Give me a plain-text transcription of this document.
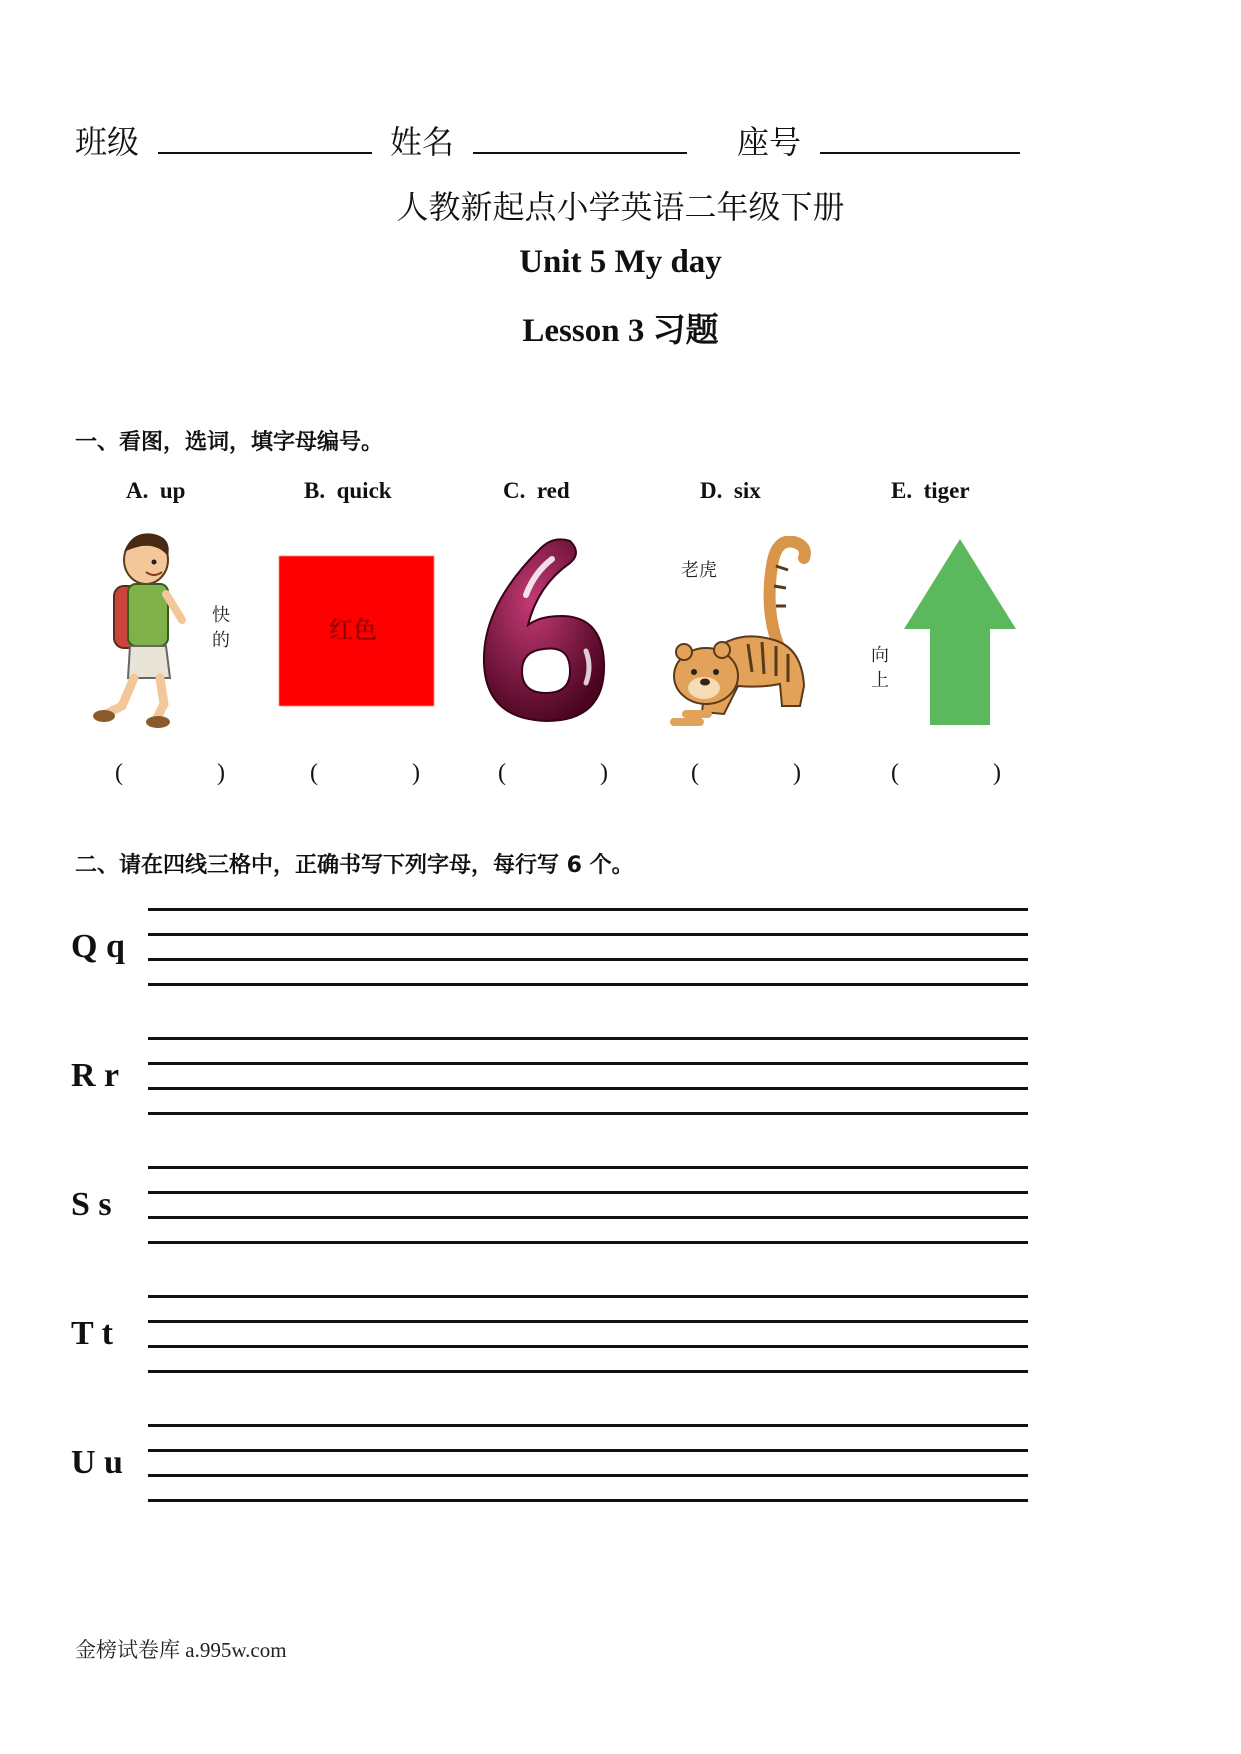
班级	姓名	座号
人教新起点小学英语二年级下册
Unit 5 My day
Lesson 3 习题
一、看图，选词，填字母编号。
A. up	B. quick	C. red	D. six	E. tiger
快
的	红色
老虎
向
上
(	)	(	)	(	)	(	)	(	)
二、请在四线三格中，正确书写下列字母，每行写 6 个。
Q q
R r
S s
T t
U u
金榜试卷库 a.995w.com
